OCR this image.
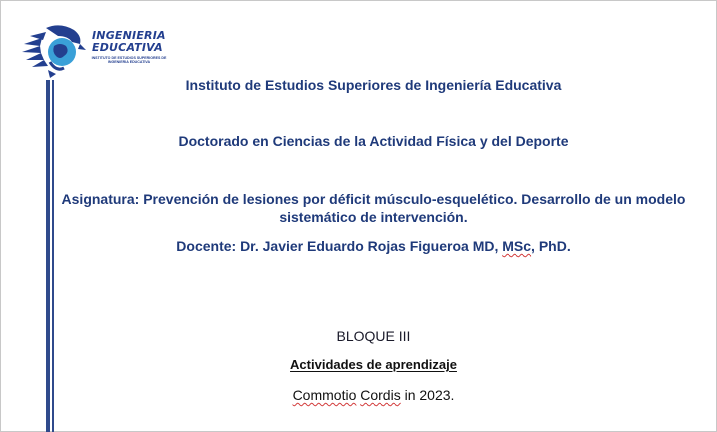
INGENIERIA EDUCATIVA
INSTITUTO DE ESTUDIOS SUPERIORES DE INGENIERIA EDUCATIVA
Instituto de Estudios Superiores de Ingeniería Educativa
Doctorado en Ciencias de la Actividad Física y del Deporte
Asignatura: Prevención de lesiones por déficit músculo-esquelético. Desarrollo de un modelo sistemático de intervención.
Docente: Dr. Javier Eduardo Rojas Figueroa MD, MSc, PhD.
BLOQUE III
Actividades de aprendizaje
Commotio Cordis in 2023.
